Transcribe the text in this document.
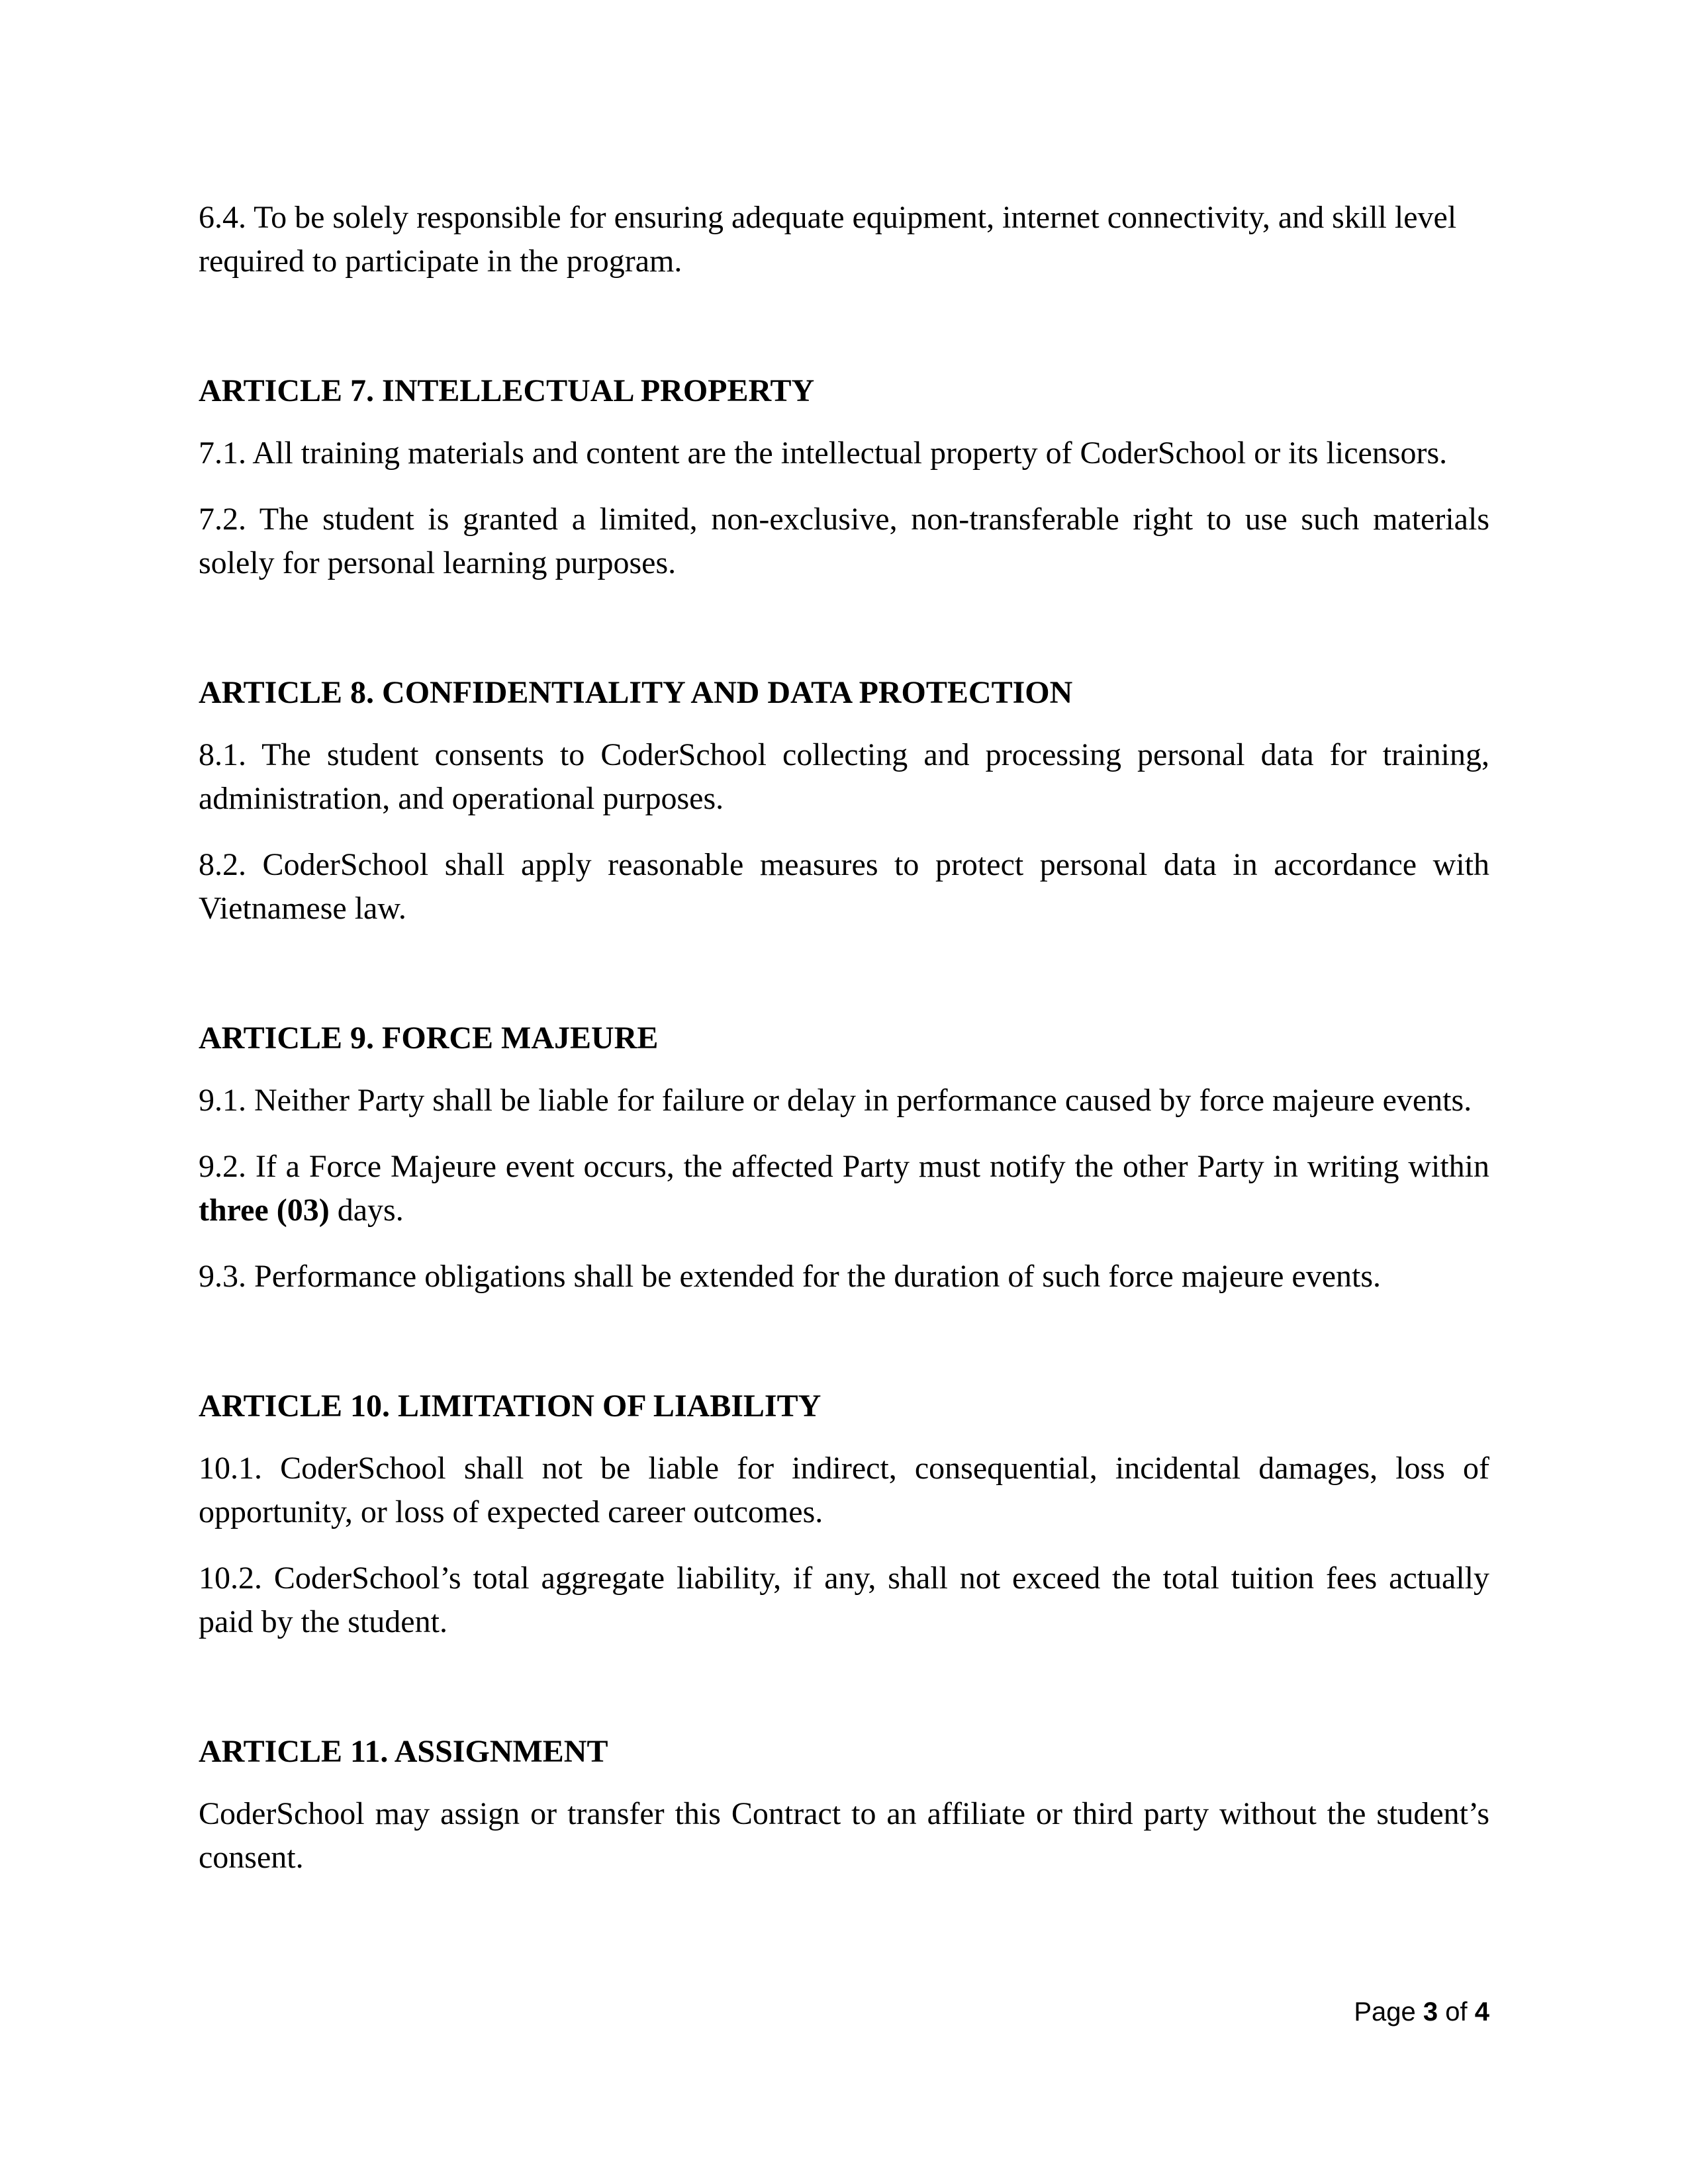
6.4. To be solely responsible for ensuring adequate equipment, internet connectivity, and skill level required to participate in the program.

ARTICLE 7. INTELLECTUAL PROPERTY

7.1. All training materials and content are the intellectual property of CoderSchool or its licensors.

7.2. The student is granted a limited, non-exclusive, non-transferable right to use such materials solely for personal learning purposes.

ARTICLE 8. CONFIDENTIALITY AND DATA PROTECTION

8.1. The student consents to CoderSchool collecting and processing personal data for training, administration, and operational purposes.

8.2. CoderSchool shall apply reasonable measures to protect personal data in accordance with Vietnamese law.

ARTICLE 9. FORCE MAJEURE

9.1. Neither Party shall be liable for failure or delay in performance caused by force majeure events.

9.2. If a Force Majeure event occurs, the affected Party must notify the other Party in writing within three (03) days.

9.3. Performance obligations shall be extended for the duration of such force majeure events.

ARTICLE 10. LIMITATION OF LIABILITY

10.1. CoderSchool shall not be liable for indirect, consequential, incidental damages, loss of opportunity, or loss of expected career outcomes.

10.2. CoderSchool’s total aggregate liability, if any, shall not exceed the total tuition fees actually paid by the student.

ARTICLE 11. ASSIGNMENT

CoderSchool may assign or transfer this Contract to an affiliate or third party without the student’s consent.

Page 3 of 4
